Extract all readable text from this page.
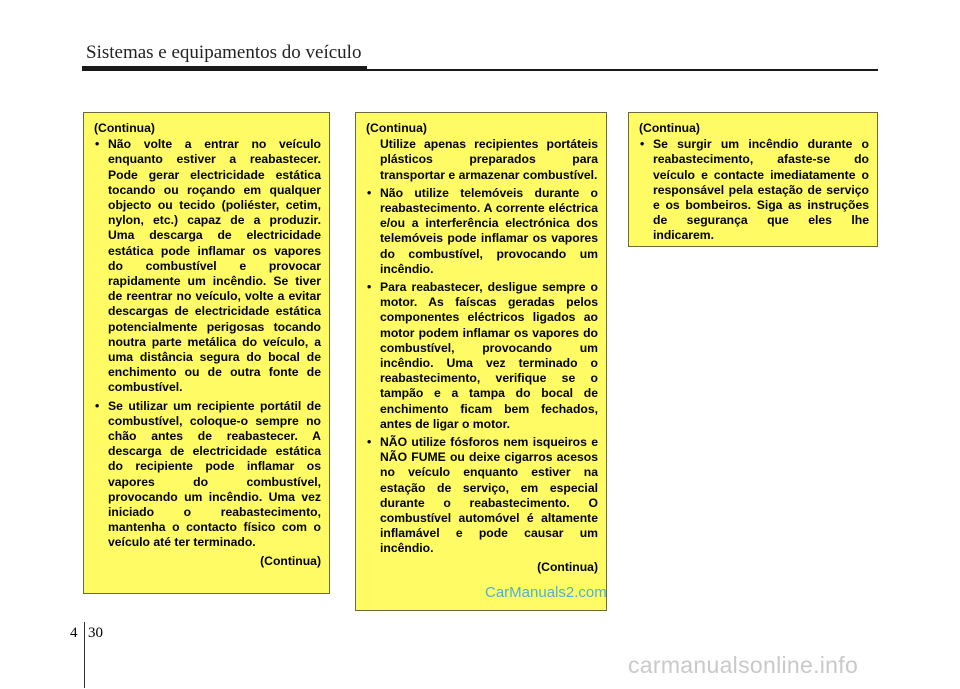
Sistemas e equipamentos do veículo
(Continua)
• Não volte a entrar no veículo enquanto estiver a reabastecer. Pode gerar electricidade estática tocando ou roçando em qualquer objecto ou tecido (poliéster, cetim, nylon, etc.) capaz de a produzir. Uma descarga de electricidade estática pode inflamar os vapores do combustível e provocar rapidamente um incêndio. Se tiver de reentrar no veículo, volte a evitar descargas de electricidade estática potencialmente perigosas tocando noutra parte metálica do veículo, a uma distância segura do bocal de enchimento ou de outra fonte de combustível.
• Se utilizar um recipiente portátil de combustível, coloque-o sempre no chão antes de reabastecer. A descarga de electricidade estática do recipiente pode inflamar os vapores do combustível, provocando um incêndio. Uma vez iniciado o reabastecimento, mantenha o contacto físico com o veículo até ter terminado.
(Continua)
(Continua)
Utilize apenas recipientes portáteis plásticos preparados para transportar e armazenar combustível.
• Não utilize telemóveis durante o reabastecimento. A corrente eléctrica e/ou a interferência electrónica dos telemóveis pode inflamar os vapores do combustível, provocando um incêndio.
• Para reabastecer, desligue sempre o motor. As faíscas geradas pelos componentes eléctricos ligados ao motor podem inflamar os vapores do combustível, provocando um incêndio. Uma vez terminado o reabastecimento, verifique se o tampão e a tampa do bocal de enchimento ficam bem fechados, antes de ligar o motor.
• NÃO utilize fósforos nem isqueiros e NÃO FUME ou deixe cigarros acesos no veículo enquanto estiver na estação de serviço, em especial durante o reabastecimento. O combustível automóvel é altamente inflamável e pode causar um incêndio.
(Continua)
(Continua)
• Se surgir um incêndio durante o reabastecimento, afaste-se do veículo e contacte imediatamente o responsável pela estação de serviço e os bombeiros. Siga as instruções de segurança que eles lhe indicarem.
CarManuals2.com
4 30
carmanualsonline.info
